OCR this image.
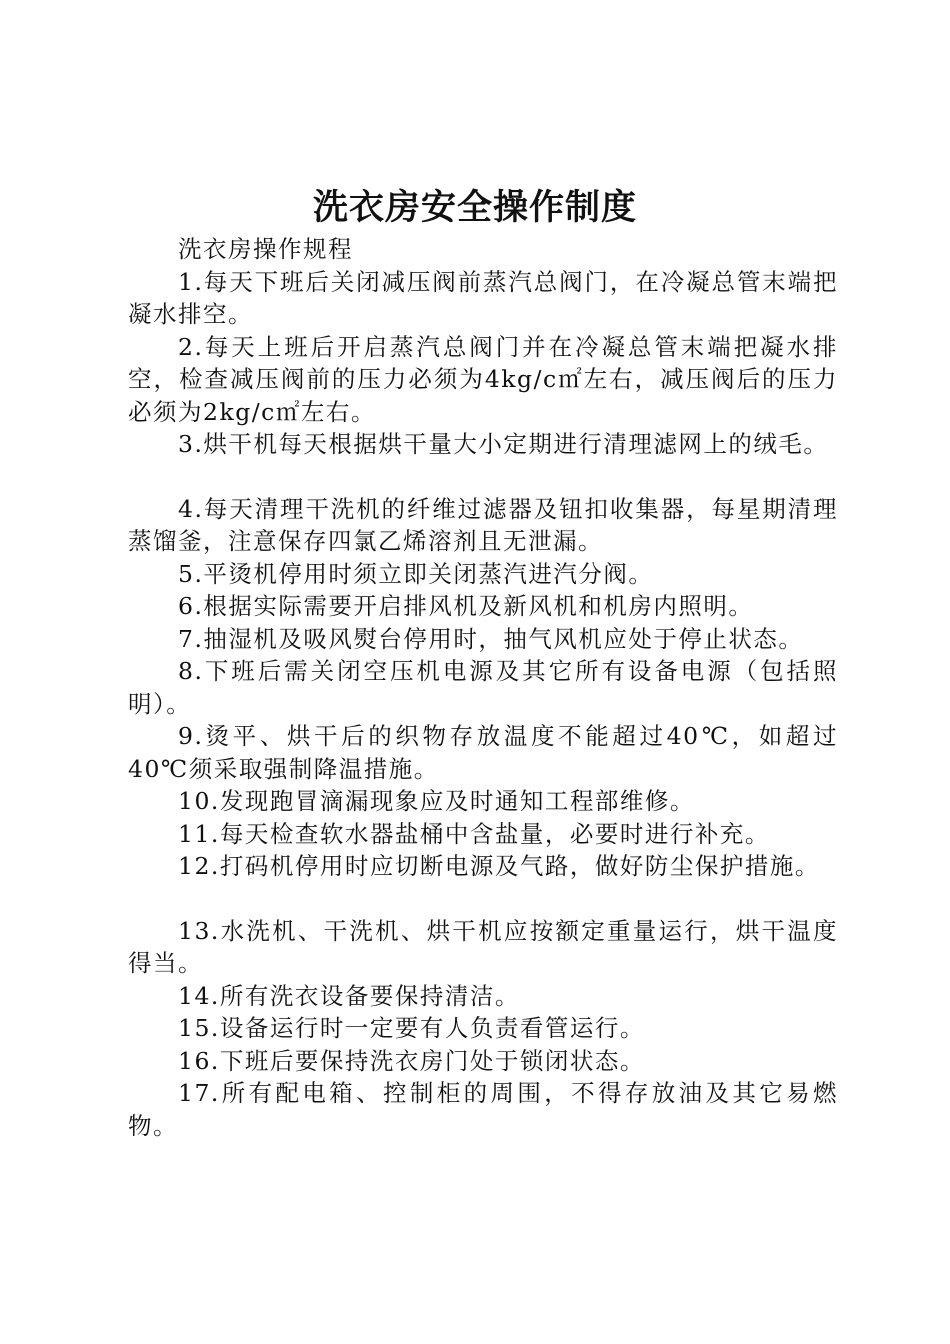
洗衣房安全操作制度

洗衣房操作规程

1.每天下班后关闭减压阀前蒸汽总阀门，在冷凝总管末端把凝水排空。

2.每天上班后开启蒸汽总阀门并在冷凝总管末端把凝水排空，检查减压阀前的压力必须为4kg/c㎡左右，减压阀后的压力必须为2kg/c㎡左右。

3.烘干机每天根据烘干量大小定期进行清理滤网上的绒毛。

4.每天清理干洗机的纤维过滤器及钮扣收集器，每星期清理蒸馏釜，注意保存四氯乙烯溶剂且无泄漏。

5.平烫机停用时须立即关闭蒸汽进汽分阀。

6.根据实际需要开启排风机及新风机和机房内照明。

7.抽湿机及吸风熨台停用时，抽气风机应处于停止状态。

8.下班后需关闭空压机电源及其它所有设备电源（包括照明）。

9.烫平、烘干后的织物存放温度不能超过40℃，如超过40℃须采取强制降温措施。

10.发现跑冒滴漏现象应及时通知工程部维修。

11.每天检查软水器盐桶中含盐量，必要时进行补充。

12.打码机停用时应切断电源及气路，做好防尘保护措施。

13.水洗机、干洗机、烘干机应按额定重量运行，烘干温度得当。

14.所有洗衣设备要保持清洁。

15.设备运行时一定要有人负责看管运行。

16.下班后要保持洗衣房门处于锁闭状态。

17.所有配电箱、控制柜的周围，不得存放油及其它易燃物。
